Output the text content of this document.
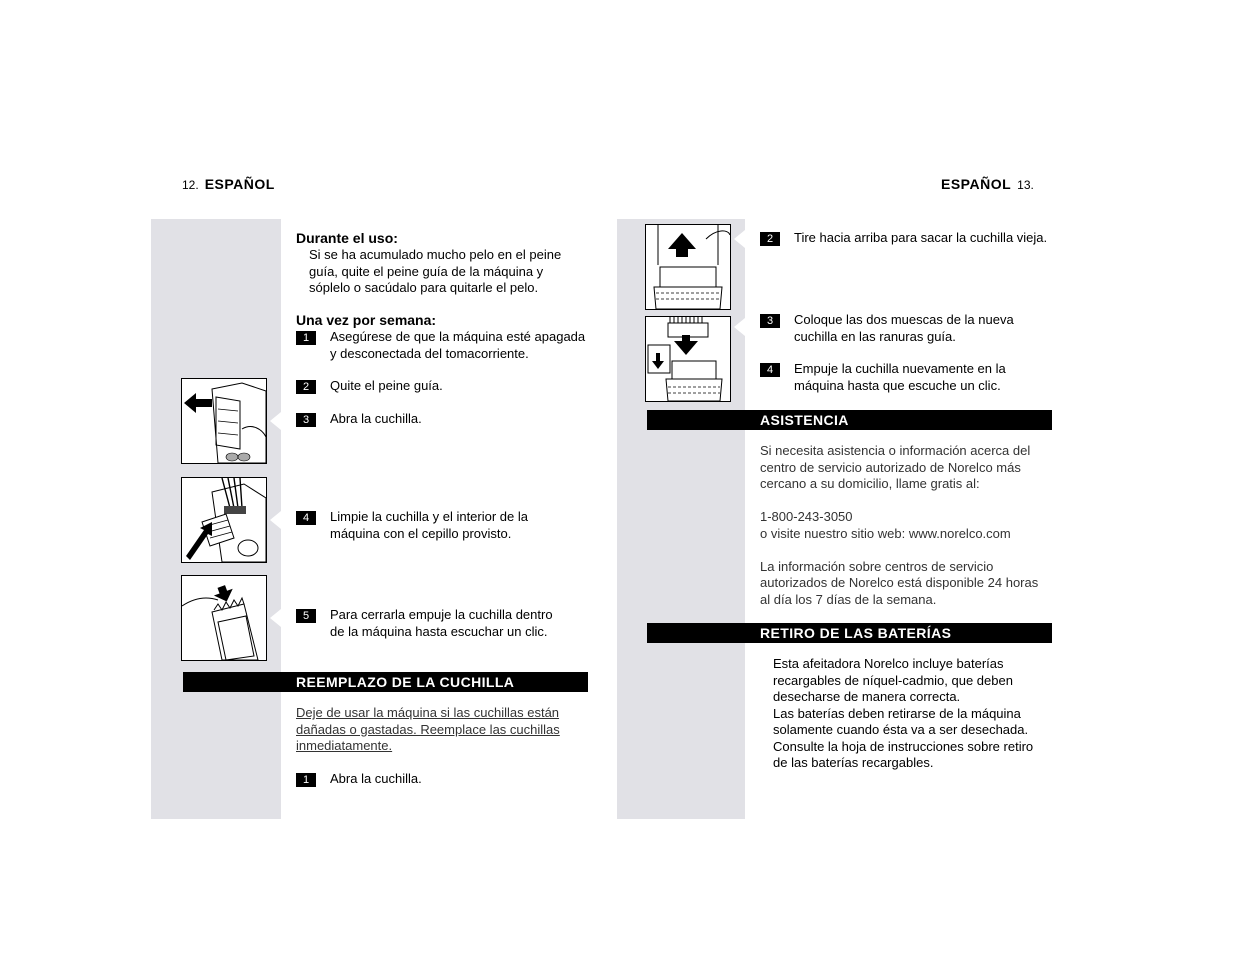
12. ESPAÑOL
Durante el uso:
Si se ha acumulado mucho pelo en el peine
guía, quite el peine guía de la máquina y
sóplelo o sacúdalo para quitarle el pelo.
Una vez por semana:
1	Asegúrese de que la máquina esté apagada
y desconectada del tomacorriente.
2	Quite el peine guía.
3	Abra la cuchilla.
4	Limpie la cuchilla y el interior de la
máquina con el cepillo provisto.
5	Para cerrarla empuje la cuchilla dentro
de la máquina hasta escuchar un clic.
REEMPLAZO DE LA CUCHILLA
Deje de usar la máquina si las cuchillas están
dañadas o gastadas. Reemplace las cuchillas
inmediatamente.
1	Abra la cuchilla.
ESPAÑOL 13.
2	Tire hacia arriba para sacar la cuchilla vieja.
3	Coloque las dos muescas de la nueva
cuchilla en las ranuras guía.
4	Empuje la cuchilla nuevamente en la
máquina hasta que escuche un clic.
ASISTENCIA
Si necesita asistencia o información acerca del
centro de servicio autorizado de Norelco más
cercano a su domicilio, llame gratis al:
1-800-243-3050
o visite nuestro sitio web: www.norelco.com
La información sobre centros de servicio
autorizados de Norelco está disponible 24 horas
al día los 7 días de la semana.
RETIRO DE LAS BATERÍAS
Esta afeitadora Norelco incluye baterías
recargables de níquel-cadmio, que deben
desecharse de manera correcta.
Las baterías deben retirarse de la máquina
solamente cuando ésta va a ser desechada.
Consulte la hoja de instrucciones sobre retiro
de las baterías recargables.
